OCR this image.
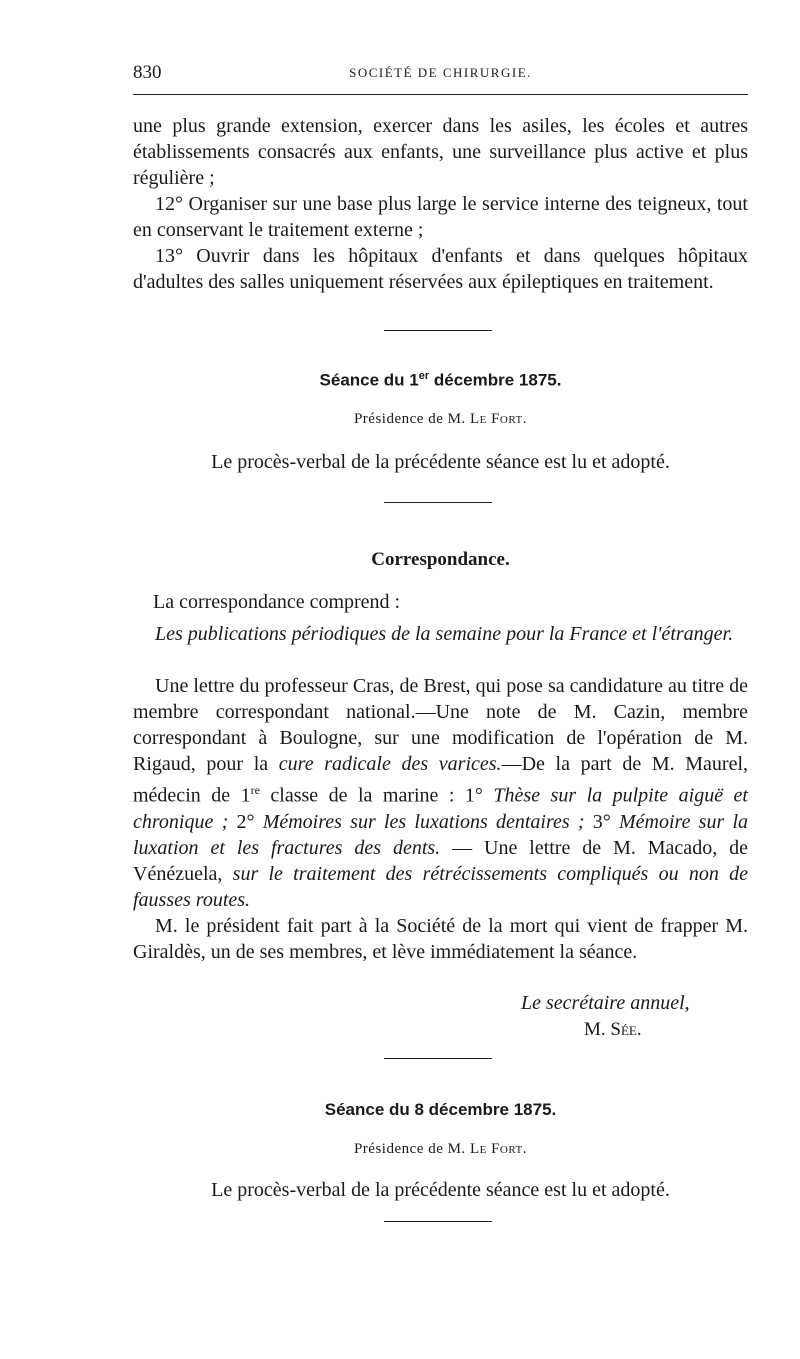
830	SOCIÉTÉ DE CHIRURGIE.

une plus grande extension, exercer dans les asiles, les écoles et autres établissements consacrés aux enfants, une surveillance plus active et plus régulière ;

12° Organiser sur une base plus large le service interne des teigneux, tout en conservant le traitement externe ;

13° Ouvrir dans les hôpitaux d'enfants et dans quelques hôpitaux d'adultes des salles uniquement réservées aux épileptiques en traitement.

Séance du 1er décembre 1875.
Présidence de M. Le Fort.
Le procès-verbal de la précédente séance est lu et adopté.
Correspondance.
La correspondance comprend :

Les publications périodiques de la semaine pour la France et l'étranger.

Une lettre du professeur Cras, de Brest, qui pose sa candidature au titre de membre correspondant national.—Une note de M. Cazin, membre correspondant à Boulogne, sur une modification de l'opération de M. Rigaud, pour la cure radicale des varices.—De la part de M. Maurel, médecin de 1re classe de la marine : 1° Thèse sur la pulpite aiguë et chronique ; 2° Mémoires sur les luxations dentaires ; 3° Mémoire sur la luxation et les fractures des dents. — Une lettre de M. Macado, de Vénézuela, sur le traitement des rétrécissements compliqués ou non de fausses routes.

M. le président fait part à la Société de la mort qui vient de frapper M. Giraldès, un de ses membres, et lève immédiatement la séance.

Le secrétaire annuel,
M. Sée.
Séance du 8 décembre 1875.
Présidence de M. Le Fort.
Le procès-verbal de la précédente séance est lu et adopté.
